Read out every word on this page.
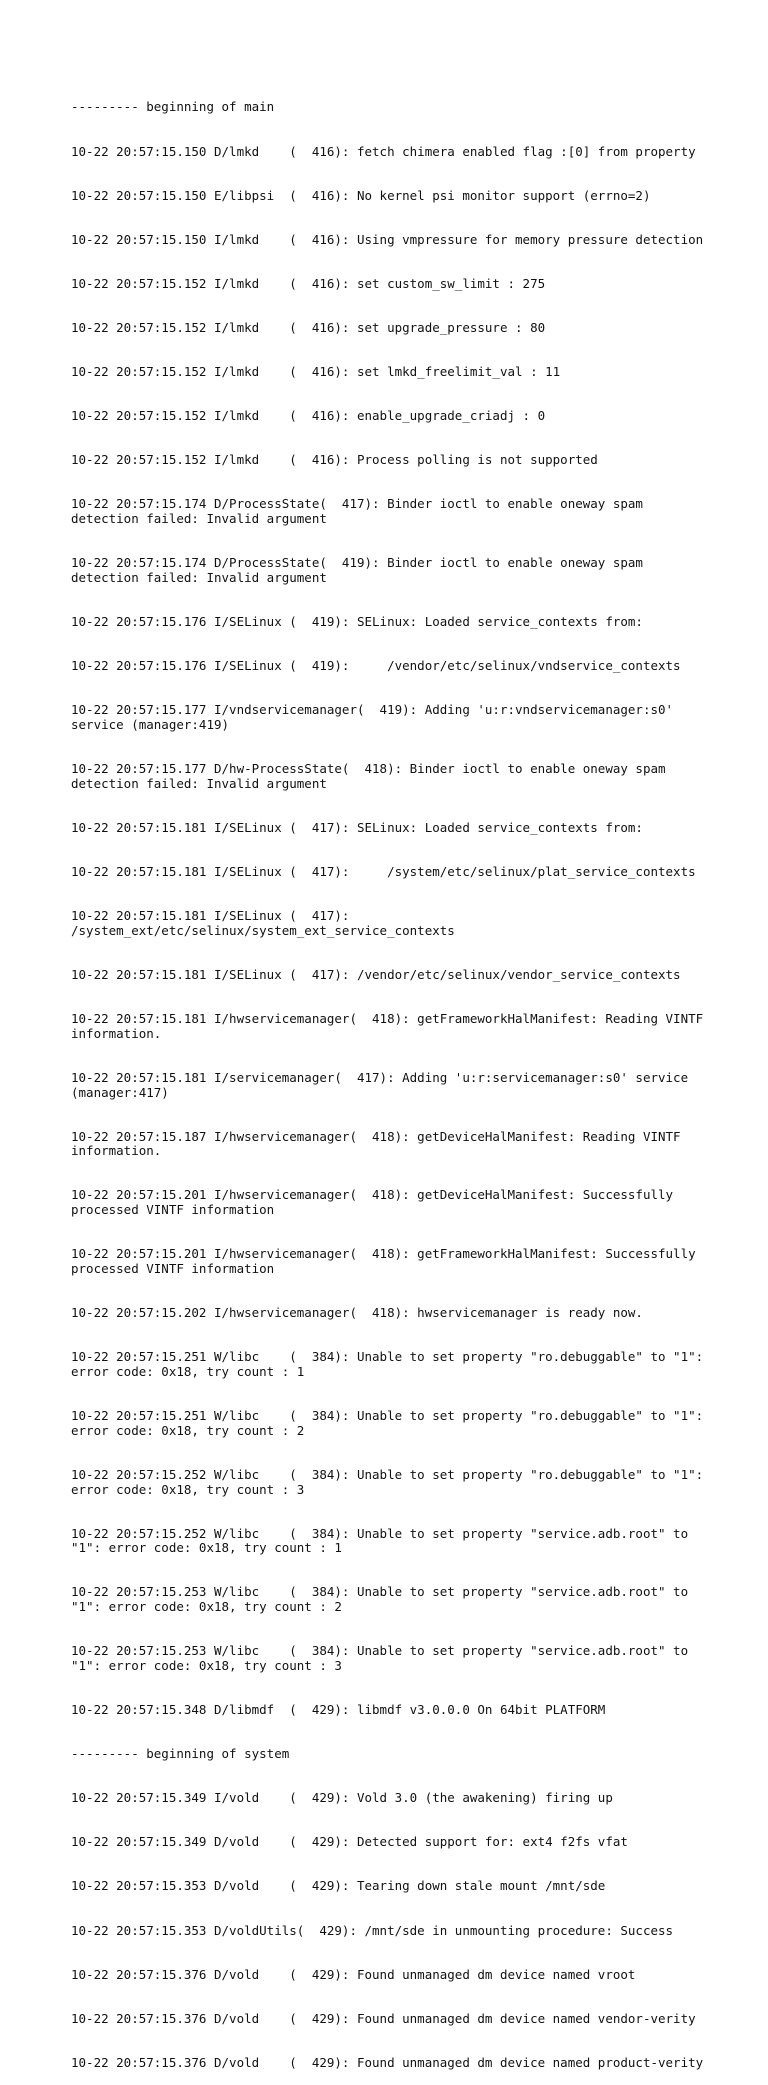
--------- beginning of main

10-22 20:57:15.150 D/lmkd    (  416): fetch chimera enabled flag :[0] from property

10-22 20:57:15.150 E/libpsi  (  416): No kernel psi monitor support (errno=2)

10-22 20:57:15.150 I/lmkd    (  416): Using vmpressure for memory pressure detection

10-22 20:57:15.152 I/lmkd    (  416): set custom_sw_limit : 275

10-22 20:57:15.152 I/lmkd    (  416): set upgrade_pressure : 80

10-22 20:57:15.152 I/lmkd    (  416): set lmkd_freelimit_val : 11

10-22 20:57:15.152 I/lmkd    (  416): enable_upgrade_criadj : 0

10-22 20:57:15.152 I/lmkd    (  416): Process polling is not supported

10-22 20:57:15.174 D/ProcessState(  417): Binder ioctl to enable oneway spam detection failed: Invalid argument

10-22 20:57:15.174 D/ProcessState(  419): Binder ioctl to enable oneway spam detection failed: Invalid argument

10-22 20:57:15.176 I/SELinux (  419): SELinux: Loaded service_contexts from:

10-22 20:57:15.176 I/SELinux (  419):     /vendor/etc/selinux/vndservice_contexts

10-22 20:57:15.177 I/vndservicemanager(  419): Adding 'u:r:vndservicemanager:s0' service (manager:419)

10-22 20:57:15.177 D/hw-ProcessState(  418): Binder ioctl to enable oneway spam detection failed: Invalid argument

10-22 20:57:15.181 I/SELinux (  417): SELinux: Loaded service_contexts from:

10-22 20:57:15.181 I/SELinux (  417):     /system/etc/selinux/plat_service_contexts

10-22 20:57:15.181 I/SELinux (  417): /system_ext/etc/selinux/system_ext_service_contexts

10-22 20:57:15.181 I/SELinux (  417): /vendor/etc/selinux/vendor_service_contexts

10-22 20:57:15.181 I/hwservicemanager(  418): getFrameworkHalManifest: Reading VINTF information.

10-22 20:57:15.181 I/servicemanager(  417): Adding 'u:r:servicemanager:s0' service (manager:417)

10-22 20:57:15.187 I/hwservicemanager(  418): getDeviceHalManifest: Reading VINTF information.

10-22 20:57:15.201 I/hwservicemanager(  418): getDeviceHalManifest: Successfully processed VINTF information

10-22 20:57:15.201 I/hwservicemanager(  418): getFrameworkHalManifest: Successfully processed VINTF information

10-22 20:57:15.202 I/hwservicemanager(  418): hwservicemanager is ready now.

10-22 20:57:15.251 W/libc    (  384): Unable to set property "ro.debuggable" to "1": error code: 0x18, try count : 1

10-22 20:57:15.251 W/libc    (  384): Unable to set property "ro.debuggable" to "1": error code: 0x18, try count : 2

10-22 20:57:15.252 W/libc    (  384): Unable to set property "ro.debuggable" to "1": error code: 0x18, try count : 3

10-22 20:57:15.252 W/libc    (  384): Unable to set property "service.adb.root" to "1": error code: 0x18, try count : 1

10-22 20:57:15.253 W/libc    (  384): Unable to set property "service.adb.root" to "1": error code: 0x18, try count : 2

10-22 20:57:15.253 W/libc    (  384): Unable to set property "service.adb.root" to "1": error code: 0x18, try count : 3

10-22 20:57:15.348 D/libmdf  (  429): libmdf v3.0.0.0 On 64bit PLATFORM

--------- beginning of system

10-22 20:57:15.349 I/vold    (  429): Vold 3.0 (the awakening) firing up

10-22 20:57:15.349 D/vold    (  429): Detected support for: ext4 f2fs vfat

10-22 20:57:15.353 D/vold    (  429): Tearing down stale mount /mnt/sde

10-22 20:57:15.353 D/voldUtils(  429): /mnt/sde in unmounting procedure: Success

10-22 20:57:15.376 D/vold    (  429): Found unmanaged dm device named vroot

10-22 20:57:15.376 D/vold    (  429): Found unmanaged dm device named vendor-verity

10-22 20:57:15.376 D/vold    (  429): Found unmanaged dm device named product-verity
